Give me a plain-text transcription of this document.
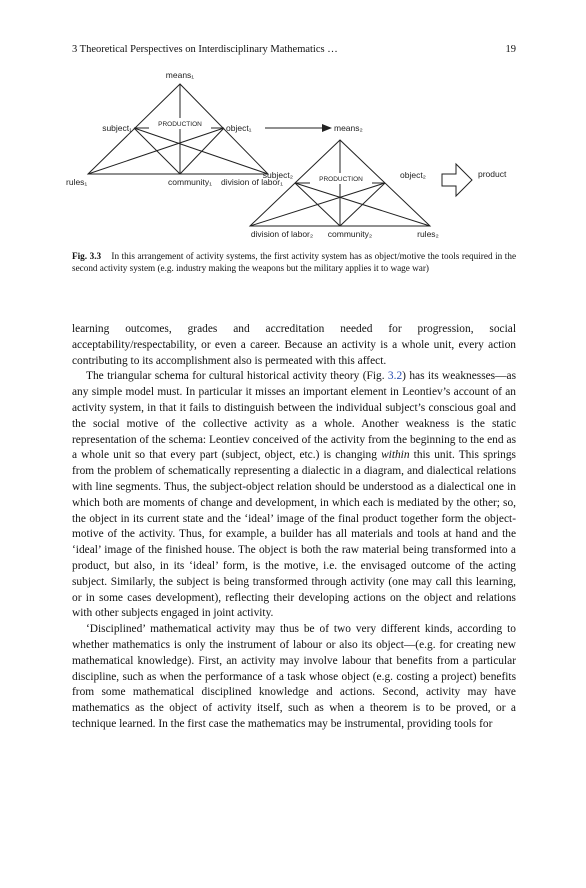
3 Theoretical Perspectives on Interdisciplinary Mathematics …	19
means₁
subject₁	object₁
PRODUCTION
rules₁	community₁ division of labor₁
means₂
subject₂	object₂
PRODUCTION
division of labor₂ community₂	rules₂
product
Fig. 3.3 In this arrangement of activity systems, the first activity system has as object/motive the tools required in the second activity system (e.g. industry making the weapons but the military applies it to wage war)

learning outcomes, grades and accreditation needed for progression, social acceptability/respectability, or even a career. Because an activity is a whole unit, every action contributing to its accomplishment also is permeated with this affect.

The triangular schema for cultural historical activity theory (Fig. 3.2) has its weaknesses—as any simple model must. In particular it misses an important element in Leontiev’s account of an activity system, in that it fails to distinguish between the individual subject’s conscious goal and the social motive of the collective activity as a whole. Another weakness is the static representation of the schema: Leontiev conceived of the activity from the beginning to the end as a whole unit so that every part (subject, object, etc.) is changing within this unit. This springs from the problem of schematically representing a dialectic in a diagram, and dialectical relations with line segments. Thus, the subject-object relation should be understood as a dialectical one in which both are moments of change and development, in which each is mediated by the other; so, the object in its current state and the ‘ideal’ image of the final product together form the object-motive of the activity. Thus, for example, a builder has all materials and tools at hand and the ‘ideal’ image of the finished house. The object is both the raw material being transformed into a product, but also, in its ‘ideal’ form, is the motive, i.e. the envisaged outcome of the acting subject. Similarly, the subject is being transformed through activity (one may call this learning, or in some cases development), reflecting their developing actions on the object and relations with other subjects engaged in joint activity.

‘Disciplined’ mathematical activity may thus be of two very different kinds, according to whether mathematics is only the instrument of labour or also its object—(e.g. for creating new mathematical knowledge). First, an activity may involve labour that benefits from a particular discipline, such as when the performance of a task whose object (e.g. costing a project) benefits from some mathematical disciplined knowledge and actions. Second, activity may have mathematics as the object of activity itself, such as when a theorem is to be proved, or a technique learned. In the first case the mathematics may be instrumental, providing tools for
